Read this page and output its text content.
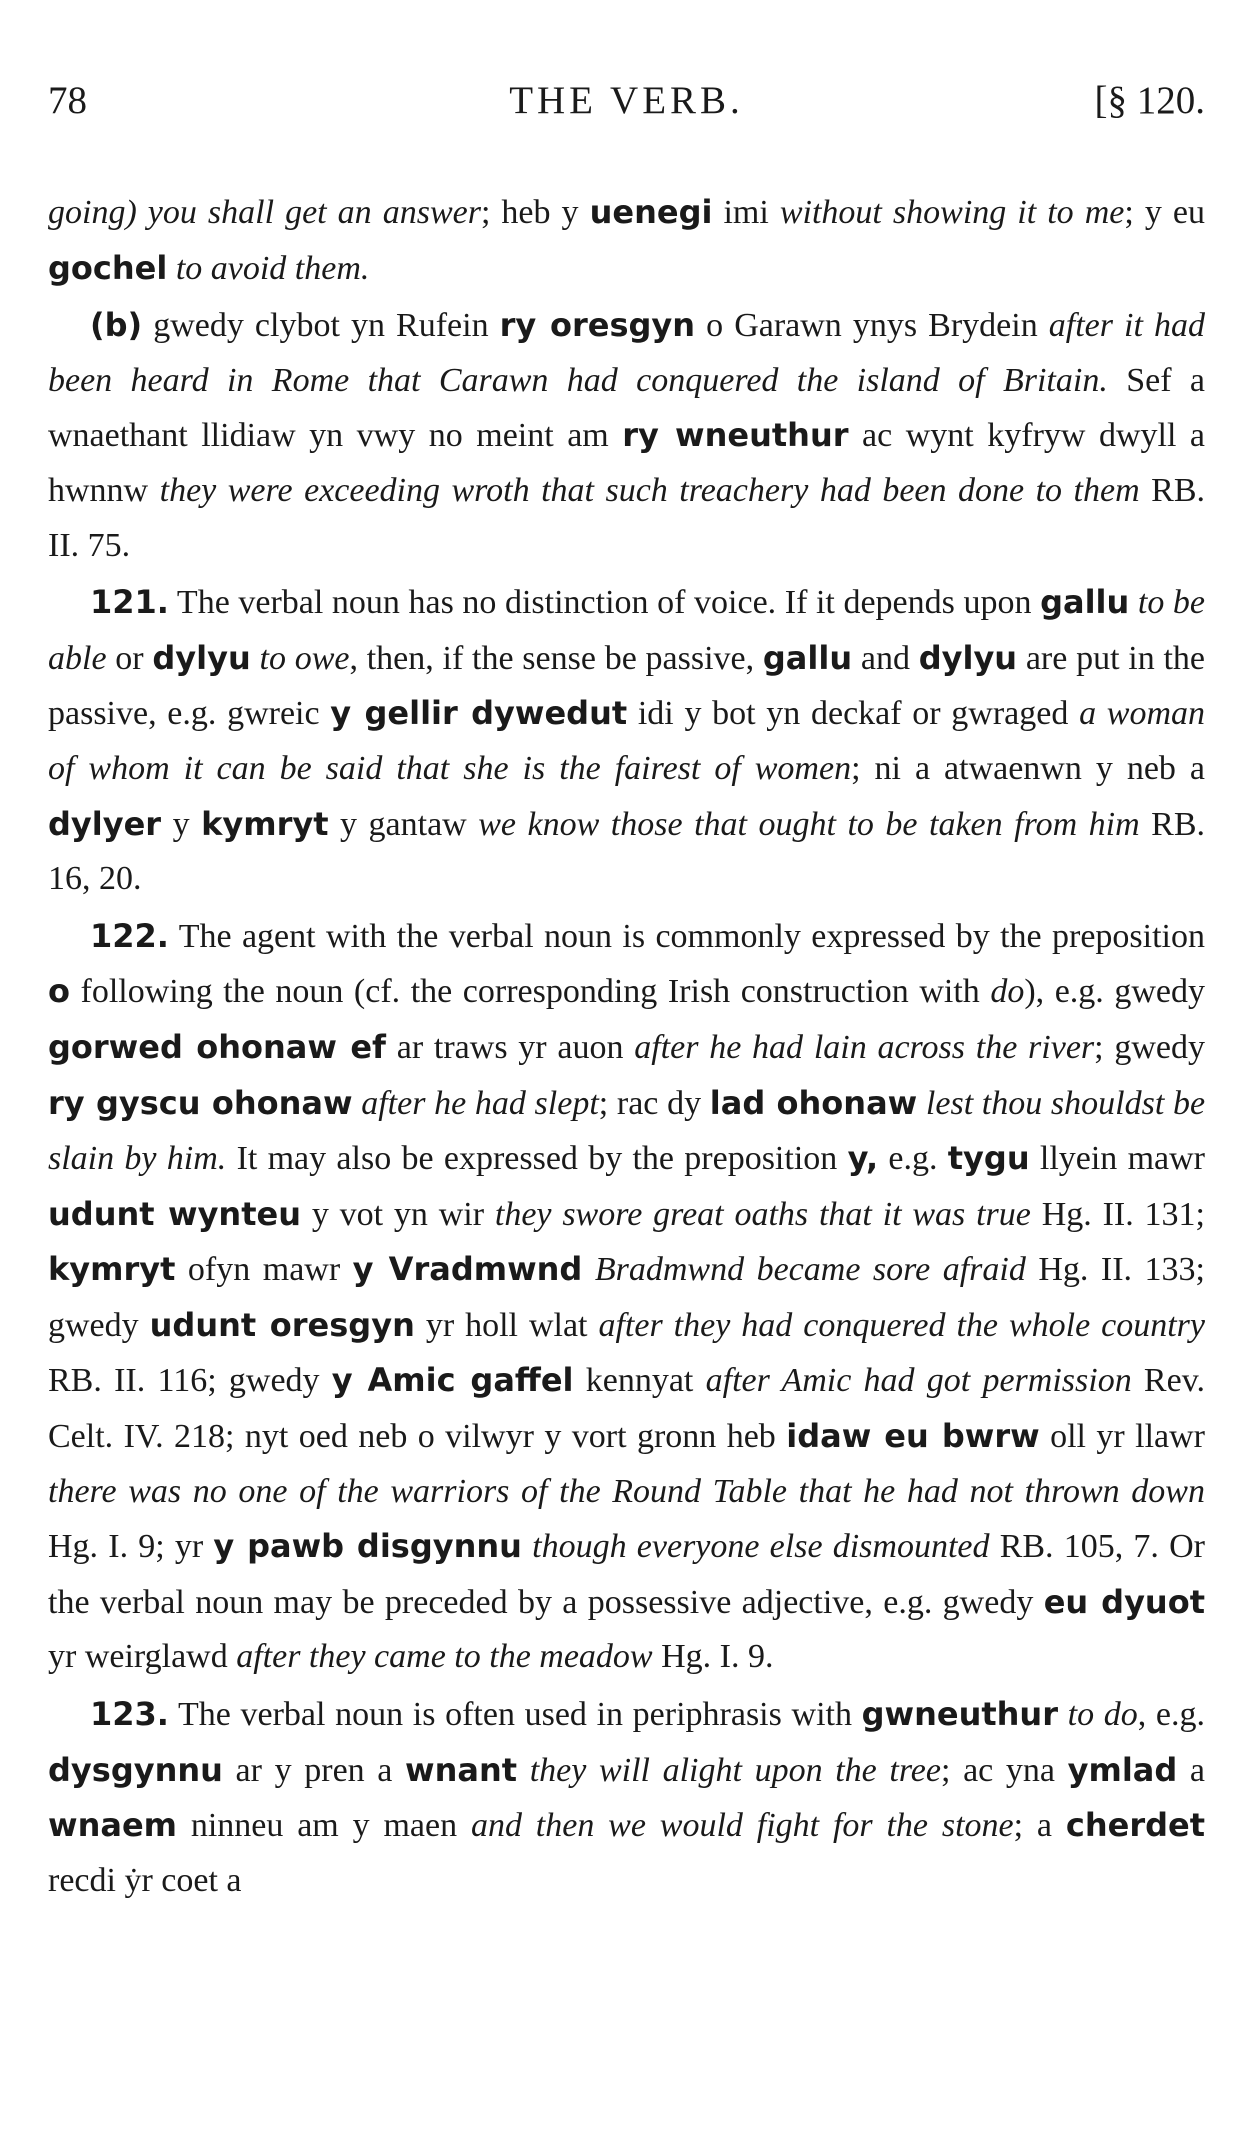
78	THE VERB.	[§ 120.

going) you shall get an answer; heb y uenegi imi without showing it to me; y eu gochel to avoid them.

(b) gwedy clybot yn Rufein ry oresgyn o Garawn ynys Brydein after it had been heard in Rome that Carawn had conquered the island of Britain. Sef a wnaethant llidiaw yn vwy no meint am ry wneuthur ac wynt kyfryw dwyll a hwnnw they were exceeding wroth that such treachery had been done to them RB. II. 75.

121. The verbal noun has no distinction of voice. If it depends upon gallu to be able or dylyu to owe, then, if the sense be passive, gallu and dylyu are put in the passive, e.g. gwreic y gellir dywedut idi y bot yn deckaf or gwraged a woman of whom it can be said that she is the fairest of women; ni a atwaenwn y neb a dylyer y kymryt y gantaw we know those that ought to be taken from him RB. 16, 20.

122. The agent with the verbal noun is commonly expressed by the preposition o following the noun (cf. the corresponding Irish construction with do), e.g. gwedy gorwed ohonaw ef ar traws yr auon after he had lain across the river; gwedy ry gyscu ohonaw after he had slept; rac dy lad ohonaw lest thou shouldst be slain by him. It may also be expressed by the preposition y, e.g. tygu llyein mawr udunt wynteu y vot yn wir they swore great oaths that it was true Hg. II. 131; kymryt ofyn mawr y Vradmwnd Bradmwnd became sore afraid Hg. II. 133; gwedy udunt oresgyn yr holl wlat after they had conquered the whole country RB. II. 116; gwedy y Amic gaffel kennyat after Amic had got permission Rev. Celt. IV. 218; nyt oed neb o vilwyr y vort gronn heb idaw eu bwrw oll yr llawr there was no one of the warriors of the Round Table that he had not thrown down Hg. I. 9; yr y pawb disgynnu though everyone else dismounted RB. 105, 7. Or the verbal noun may be preceded by a possessive adjective, e.g. gwedy eu dyuot yr weirglawd after they came to the meadow Hg. I. 9.

123. The verbal noun is often used in periphrasis with gwneuthur to do, e.g. dysgynnu ar y pren a wnant they will alight upon the tree; ac yna ymlad a wnaem ninneu am y maen and then we would fight for the stone; a cherdet recdi ẏr coet a
